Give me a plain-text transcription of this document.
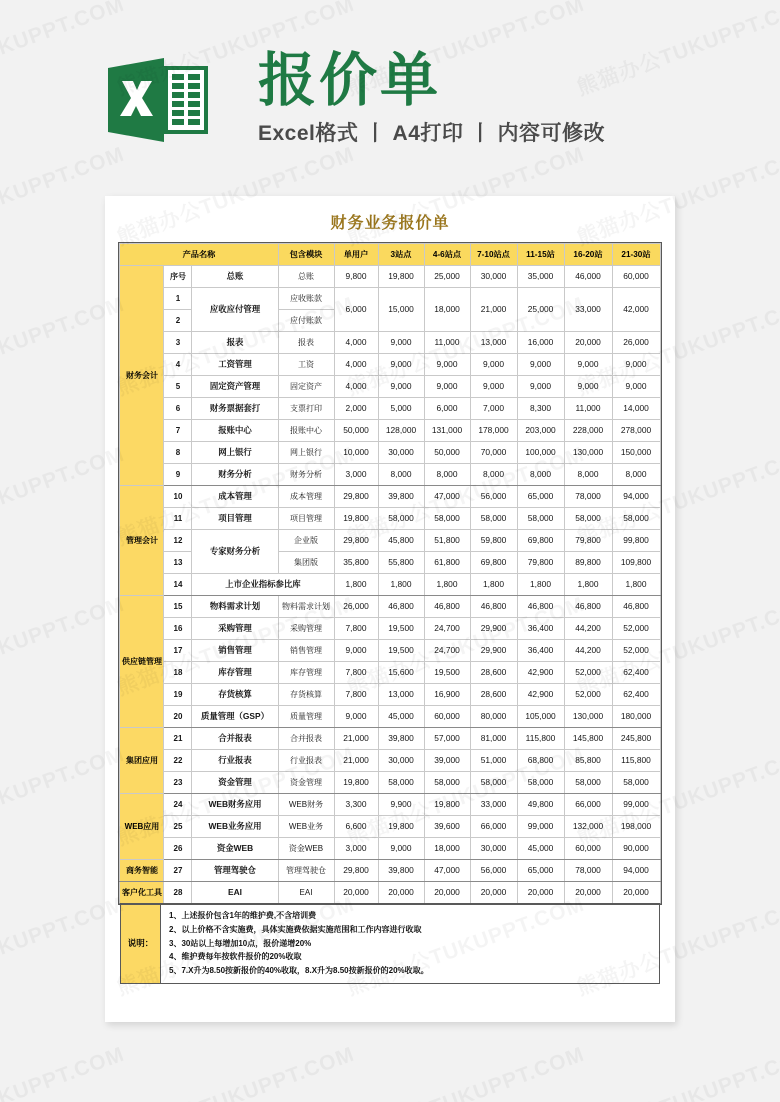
报价单
Excel格式 丨 A4打印 丨 内容可修改
财务业务报价单
产品名称			包含模块	单用户	3站点	4-6站点	7-10站点	11-15站	16-20站	21-30站
财务会计	序号	总账	总账	9,800	19,800	25,000	30,000	35,000	46,000	60,000
	1	应收应付管理	应收账款	6,000	15,000	18,000	21,000	25,000	33,000	42,000
	2		应付账款							
	3	报表	报表	4,000	9,000	11,000	13,000	16,000	20,000	26,000
	4	工资管理	工资	4,000	9,000	9,000	9,000	9,000	9,000	9,000
	5	固定资产管理	固定资产	4,000	9,000	9,000	9,000	9,000	9,000	9,000
	6	财务票据套打	支票打印	2,000	5,000	6,000	7,000	8,300	11,000	14,000
	7	报账中心	报账中心	50,000	128,000	131,000	178,000	203,000	228,000	278,000
	8	网上银行	网上银行	10,000	30,000	50,000	70,000	100,000	130,000	150,000
	9	财务分析	财务分析	3,000	8,000	8,000	8,000	8,000	8,000	8,000
管理会计	10	成本管理	成本管理	29,800	39,800	47,000	56,000	65,000	78,000	94,000
	11	项目管理	项目管理	19,800	58,000	58,000	58,000	58,000	58,000	58,000
	12	专家财务分析	企业版	29,800	45,800	51,800	59,800	69,800	79,800	99,800
	13		集团版	35,800	55,800	61,800	69,800	79,800	89,800	109,800
	14	上市企业指标参比库		1,800	1,800	1,800	1,800	1,800	1,800	1,800
供应链管理	15	物料需求计划	物料需求计划	26,000	46,800	46,800	46,800	46,800	46,800	46,800
	16	采购管理	采购管理	7,800	19,500	24,700	29,900	36,400	44,200	52,000
	17	销售管理	销售管理	9,000	19,500	24,700	29,900	36,400	44,200	52,000
	18	库存管理	库存管理	7,800	15,600	19,500	28,600	42,900	52,000	62,400
	19	存货核算	存货核算	7,800	13,000	16,900	28,600	42,900	52,000	62,400
	20	质量管理（GSP）	质量管理	9,000	45,000	60,000	80,000	105,000	130,000	180,000
集团应用	21	合并报表	合并报表	21,000	39,800	57,000	81,000	115,800	145,800	245,800
	22	行业报表	行业报表	21,000	30,000	39,000	51,000	68,800	85,800	115,800
	23	资金管理	资金管理	19,800	58,000	58,000	58,000	58,000	58,000	58,000
WEB应用	24	WEB财务应用	WEB财务	3,300	9,900	19,800	33,000	49,800	66,000	99,000
	25	WEB业务应用	WEB业务	6,600	19,800	39,600	66,000	99,000	132,000	198,000
	26	资金WEB	资金WEB	3,000	9,000	18,000	30,000	45,000	60,000	90,000
商务智能	27	管理驾驶仓	管理驾驶仓	29,800	39,800	47,000	56,000	65,000	78,000	94,000
客户化工具	28	EAI	EAI	20,000	20,000	20,000	20,000	20,000	20,000	20,000
说明：	
1、上述报价包含1年的维护费,不含培训费
2、以上价格不含实施费，具体实施费依据实施范围和工作内容进行收取
3、30站以上每增加10点，报价递增20%
4、维护费每年按软件报价的20%收取
5、7.X升为8.50按新报价的40%收取，8.X升为8.50按新报价的20%收取。
